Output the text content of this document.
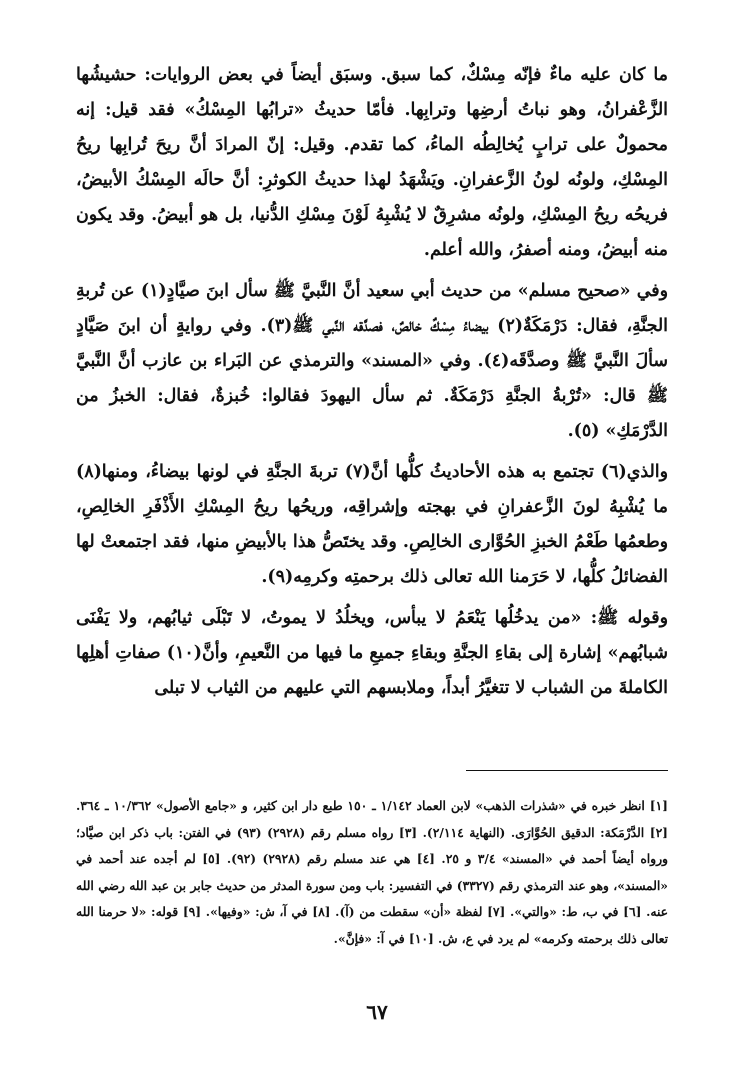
ما كان عليه ماءٌ فإنّه مِسْكٌ، كما سبق. وسبَق أيضاً في بعض الروايات: حشيشُها الزَّعْفرانُ، وهو نباتُ أرضِها وترابِها. فأمّا حديثُ «ترابُها المِسْكُ» فقد قيل: إنه محمولٌ على ترابٍ يُخالِطُه الماءُ، كما تقدم. وقيل: إنّ المرادَ أنَّ ريحَ تُرابِها ريحُ المِسْكِ، ولونُه لونُ الزَّعفرانِ. ويَشْهَدُ لهذا حديثُ الكوثرِ: أنَّ حالَه المِسْكُ الأبيضُ، فريحُه ريحُ المِسْكِ، ولونُه مشرِقٌ لا يُشْبِهُ لَوْنَ مِسْكِ الدُّنيا، بل هو أبيضُ. وقد يكون منه أبيضُ، ومنه أصفرُ، والله أعلم.

وفي «صحيح مسلم» من حديث أبي سعيد أنَّ النَّبيَّ ﷺ سأل ابنَ صيَّادٍ(١) عن تُربةِ الجنَّةِ، فقال: دَرْمَكَةٌ(٢) بيضاءُ مِسْكٌ خالصٌ، فصدَّقه النَّبي ﷺ(٣). وفي روايةٍ أن ابنَ صَيَّادٍ سألَ النَّبيَّ ﷺ وصدَّقَه(٤). وفي «المسند» والترمذي عن البَراء بن عازب أنَّ النَّبيَّ ﷺ قال: «تُرْبةُ الجنَّةِ دَرْمَكَةٌ. ثم سأل اليهودَ فقالوا: خُبزةٌ، فقال: الخبزُ من الدَّرْمَكِ» (٥).

والذي(٦) تجتمع به هذه الأحاديثُ كلُّها أنَّ(٧) تربةَ الجنَّةِ في لونها بيضاءُ، ومنها(٨) ما يُشْبِهُ لونَ الزَّعفرانِ في بهجته وإشراقِه، وريحُها ريحُ المِسْكِ الأَذْفَرِ الخالِصِ، وطعمُها طَعْمُ الخبزِ الحُوَّارى الخالِصِ. وقد يختَصُّ هذا بالأبيضِ منها، فقد اجتمعتْ لها الفضائلُ كلُّها، لا حَرَمنا الله تعالى ذلك برحمتِه وكرمِه(٩).

وقوله ﷺ: «من يدخُلُها يَنْعَمُ لا يبأس، ويخلُدُ لا يموتُ، لا تَبْلَى ثيابُهم، ولا يَفْنَى شبابُهم» إشارة إلى بقاءِ الجنَّةِ وبقاءِ جميعِ ما فيها من النَّعيمِ، وأنَّ(١٠) صفاتِ أهلِها الكاملةَ من الشباب لا تتغيَّرُ أبداً، وملابسهم التي عليهم من الثياب لا تبلى

[١] انظر خبره في «شذرات الذهب» لابن العماد ١/١٤٢ ـ ١٥٠ طبع دار ابن كثير، و «جامع الأصول» ١٠/٣٦٢ ـ ٣٦٤. [٢] الدَّرْمَكة: الدقيق الحُوَّارَى. (النهاية ٢/١١٤). [٣] رواه مسلم رقم (٢٩٢٨) (٩٣) في الفتن: باب ذكر ابن صيَّاد؛ ورواه أيضاً أحمد في «المسند» ٣/٤ و ٢٥. [٤] هي عند مسلم رقم (٢٩٢٨) (٩٢). [٥] لم أجده عند أحمد في «المسند»، وهو عند الترمذي رقم (٣٣٢٧) في التفسير: باب ومن سورة المدثر من حديث جابر بن عبد الله رضي الله عنه. [٦] في ب، ط: «والتي». [٧] لفظة «أن» سقطت من (آ). [٨] في آ، ش: «وفيها». [٩] قوله: «لا حرمنا الله تعالى ذلك برحمته وكرمه» لم يرد في ع، ش. [١٠] في آ: «فإنَّ».

٦٧
